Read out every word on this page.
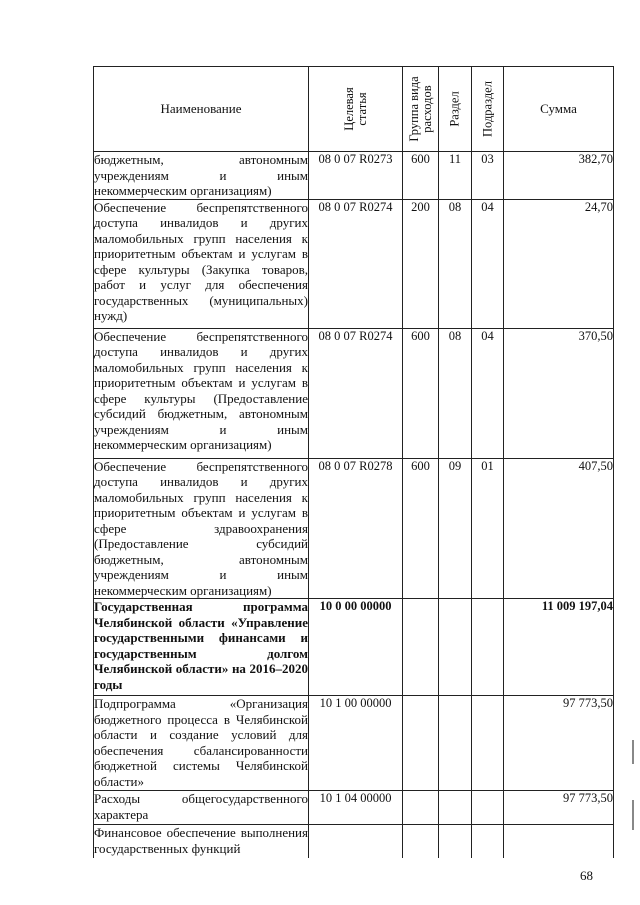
Наименование	Целевая статья	Группа вида расходов	Раздел	Подраздел	Сумма
бюджетным, автономным учреждениям и иным некоммерческим организациям)	08 0 07 R0273	600	11	03	382,70
Обеспечение беспрепятственного доступа инвалидов и других маломобильных групп населения к приоритетным объектам и услугам в сфере культуры (Закупка товаров, работ и услуг для обеспечения государственных (муниципальных) нужд)	08 0 07 R0274	200	08	04	24,70
Обеспечение беспрепятственного доступа инвалидов и других маломобильных групп населения к приоритетным объектам и услугам в сфере культуры (Предоставление субсидий бюджетным, автономным учреждениям и иным некоммерческим организациям)	08 0 07 R0274	600	08	04	370,50
Обеспечение беспрепятственного доступа инвалидов и других маломобильных групп населения к приоритетным объектам и услугам в сфере здравоохранения (Предоставление субсидий бюджетным, автономным учреждениям и иным некоммерческим организациям)	08 0 07 R0278	600	09	01	407,50
Государственная программа Челябинской области «Управление государственными финансами и государственным долгом Челябинской области» на 2016–2020 годы	10 0 00 00000				11 009 197,04
Подпрограмма «Организация бюджетного процесса в Челябинской области и создание условий для обеспечения сбалансированности бюджетной системы Челябинской области»	10 1 00 00000				97 773,50
Расходы общегосударственного характера	10 1 04 00000				97 773,50
Финансовое обеспечение выполнения государственных функций					
68
